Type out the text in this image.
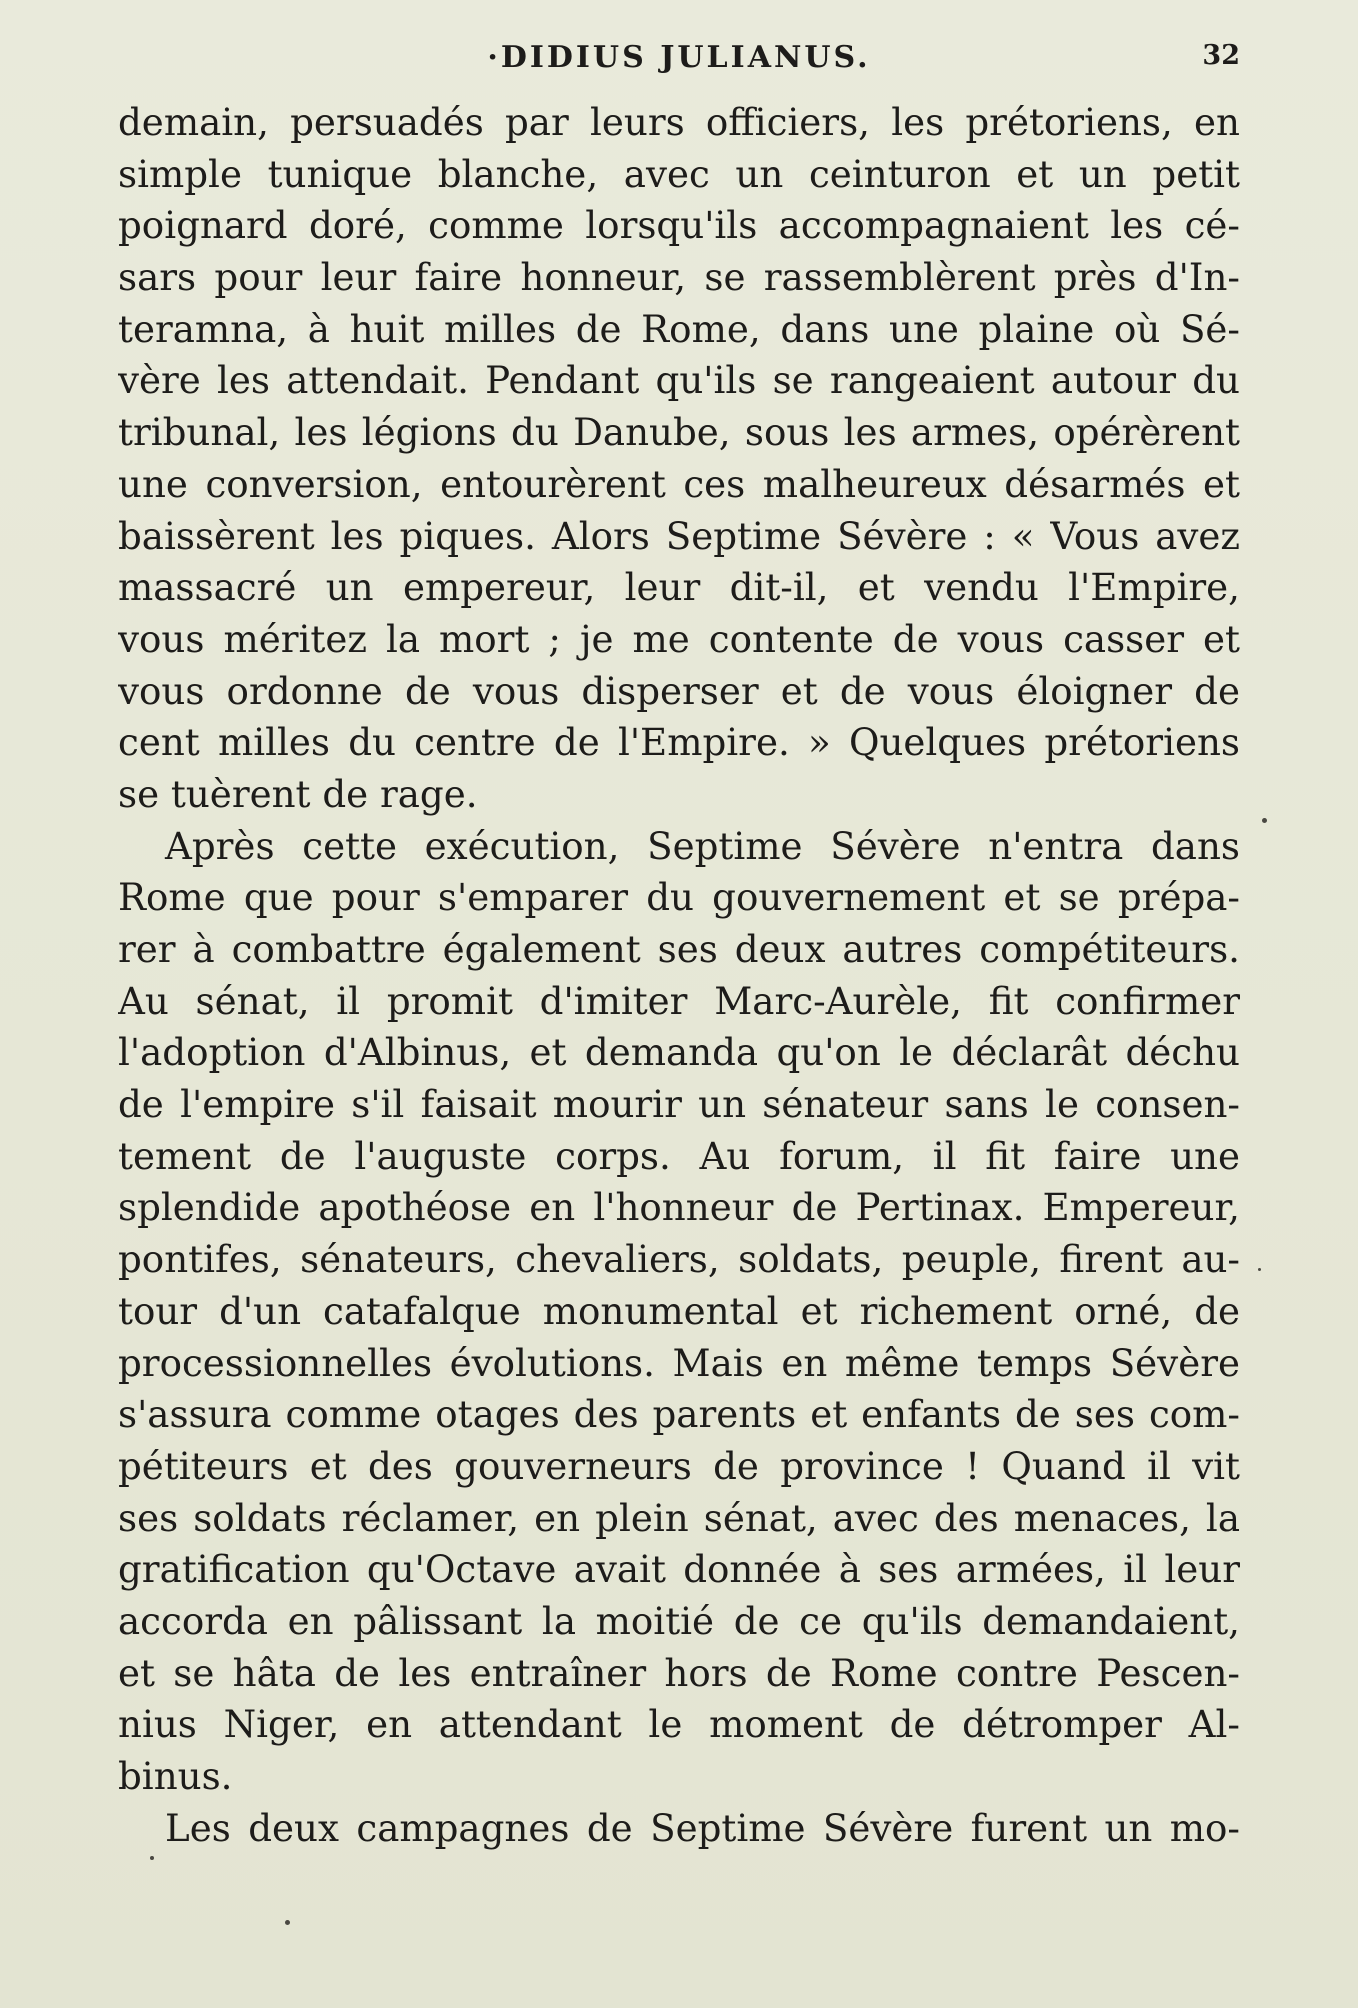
·DIDIUS JULIANUS.	32
demain, persuadés par leurs officiers, les prétoriens, en
simple tunique blanche, avec un ceinturon et un petit
poignard doré, comme lorsqu'ils accompagnaient les cé-
sars pour leur faire honneur, se rassemblèrent près d'In-
teramna, à huit milles de Rome, dans une plaine où Sé-
vère les attendait. Pendant qu'ils se rangeaient autour du
tribunal, les légions du Danube, sous les armes, opérèrent
une conversion, entourèrent ces malheureux désarmés et
baissèrent les piques. Alors Septime Sévère : « Vous avez
massacré un empereur, leur dit-il, et vendu l'Empire,
vous méritez la mort ; je me contente de vous casser et
vous ordonne de vous disperser et de vous éloigner de
cent milles du centre de l'Empire. » Quelques prétoriens
se tuèrent de rage.
Après cette exécution, Septime Sévère n'entra dans
Rome que pour s'emparer du gouvernement et se prépa-
rer à combattre également ses deux autres compétiteurs.
Au sénat, il promit d'imiter Marc-Aurèle, fit confirmer
l'adoption d'Albinus, et demanda qu'on le déclarât déchu
de l'empire s'il faisait mourir un sénateur sans le consen-
tement de l'auguste corps. Au forum, il fit faire une
splendide apothéose en l'honneur de Pertinax. Empereur,
pontifes, sénateurs, chevaliers, soldats, peuple, firent au-
tour d'un catafalque monumental et richement orné, de
processionnelles évolutions. Mais en même temps Sévère
s'assura comme otages des parents et enfants de ses com-
pétiteurs et des gouverneurs de province ! Quand il vit
ses soldats réclamer, en plein sénat, avec des menaces, la
gratification qu'Octave avait donnée à ses armées, il leur
accorda en pâlissant la moitié de ce qu'ils demandaient,
et se hâta de les entraîner hors de Rome contre Pescen-
nius Niger, en attendant le moment de détromper Al-
binus.
Les deux campagnes de Septime Sévère furent un mo-
